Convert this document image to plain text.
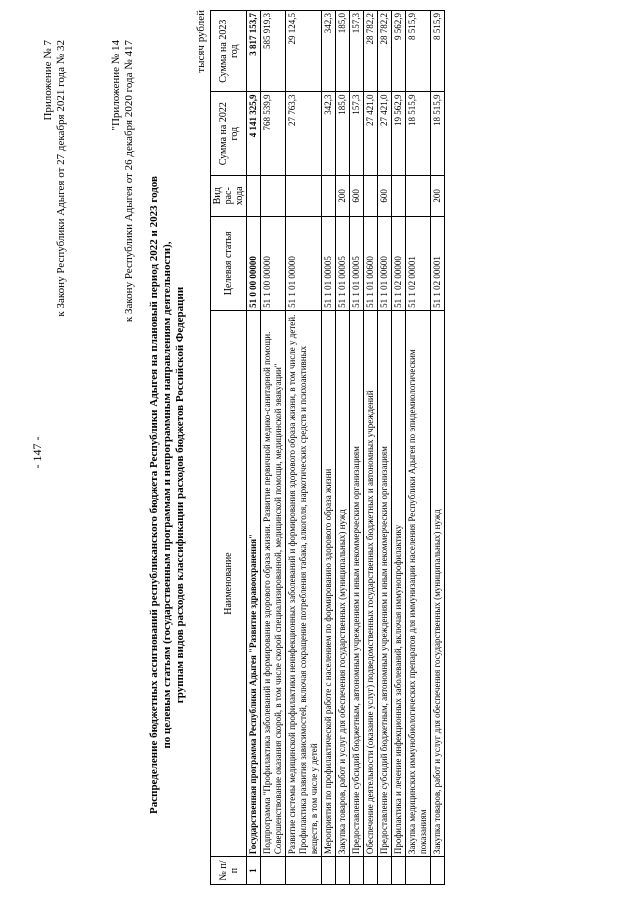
- 147 -
Приложение № 7 к Закону Республики Адыгея от 27 декабря 2021 года № 32	"Приложение № 14 к Закону Республики Адыгея от 26 декабря 2020 года № 417 Распределение бюджетных ассигнований республиканского бюджета Республики Адыгея на плановый период 2022 и 2023 годов по целевым статьям (государственным программам и непрограммным направлениям деятельности), группам видов расходов классификации расходов бюджетов Российской Федерации
тысяч рублей
№ п/п	Наименование	Целевая статья	Вид рас-хода	Сумма на 2022 год	Сумма на 2023 год
1	Государственная программа Республики Адыгея "Развитие здравоохранения"	51 0 00 00000		4 141 325,9	3 817 153,7
	Подпрограмма "Профилактика заболеваний и формирование здорового образа жизни. Развитие первичной медико-санитарной помощи. Совершенствование оказания скорой, в том числе скорой специализированной, медицинской помощи, медицинской эвакуации"	51 1 00 00000		768 539,9	585 919,3
	Развитие системы медицинской профилактики неинфекционных заболеваний и формирования здорового образа жизни, в том числе у детей. Профилактика развития зависимостей, включая сокращение потребления табака, алкоголя, наркотических средств и психоактивных веществ, в том числе у детей	51 1 01 00000		27 763,3	29 124,5
	Мероприятия по профилактической работе с населением по формированию здорового образа жизни	51 1 01 00005		342,3	342,3
	Закупка товаров, работ и услуг для обеспечения государственных (муниципальных) нужд	51 1 01 00005	200	185,0	185,0
	Предоставление субсидий бюджетным, автономным учреждениям и иным некоммерческим организациям	51 1 01 00005	600	157,3	157,3
	Обеспечение деятельности (оказание услуг) подведомственных государственных бюджетных и автономных учреждений	51 1 01 00600		27 421,0	28 782,2
	Предоставление субсидий бюджетным, автономным учреждениям и иным некоммерческим организациям	51 1 01 00600	600	27 421,0	28 782,2
	Профилактика и лечение инфекционных заболеваний, включая иммунопрофилактику	51 1 02 00000		19 562,9	9 562,9
	Закупка медицинских иммунобиологических препаратов для иммунизации населения Республики Адыгея по эпидемиологическим показаниям	51 1 02 00001		18 515,9	8 515,9
	Закупка товаров, работ и услуг для обеспечения государственных (муниципальных) нужд	51 1 02 00001	200	18 515,9	8 515,9
